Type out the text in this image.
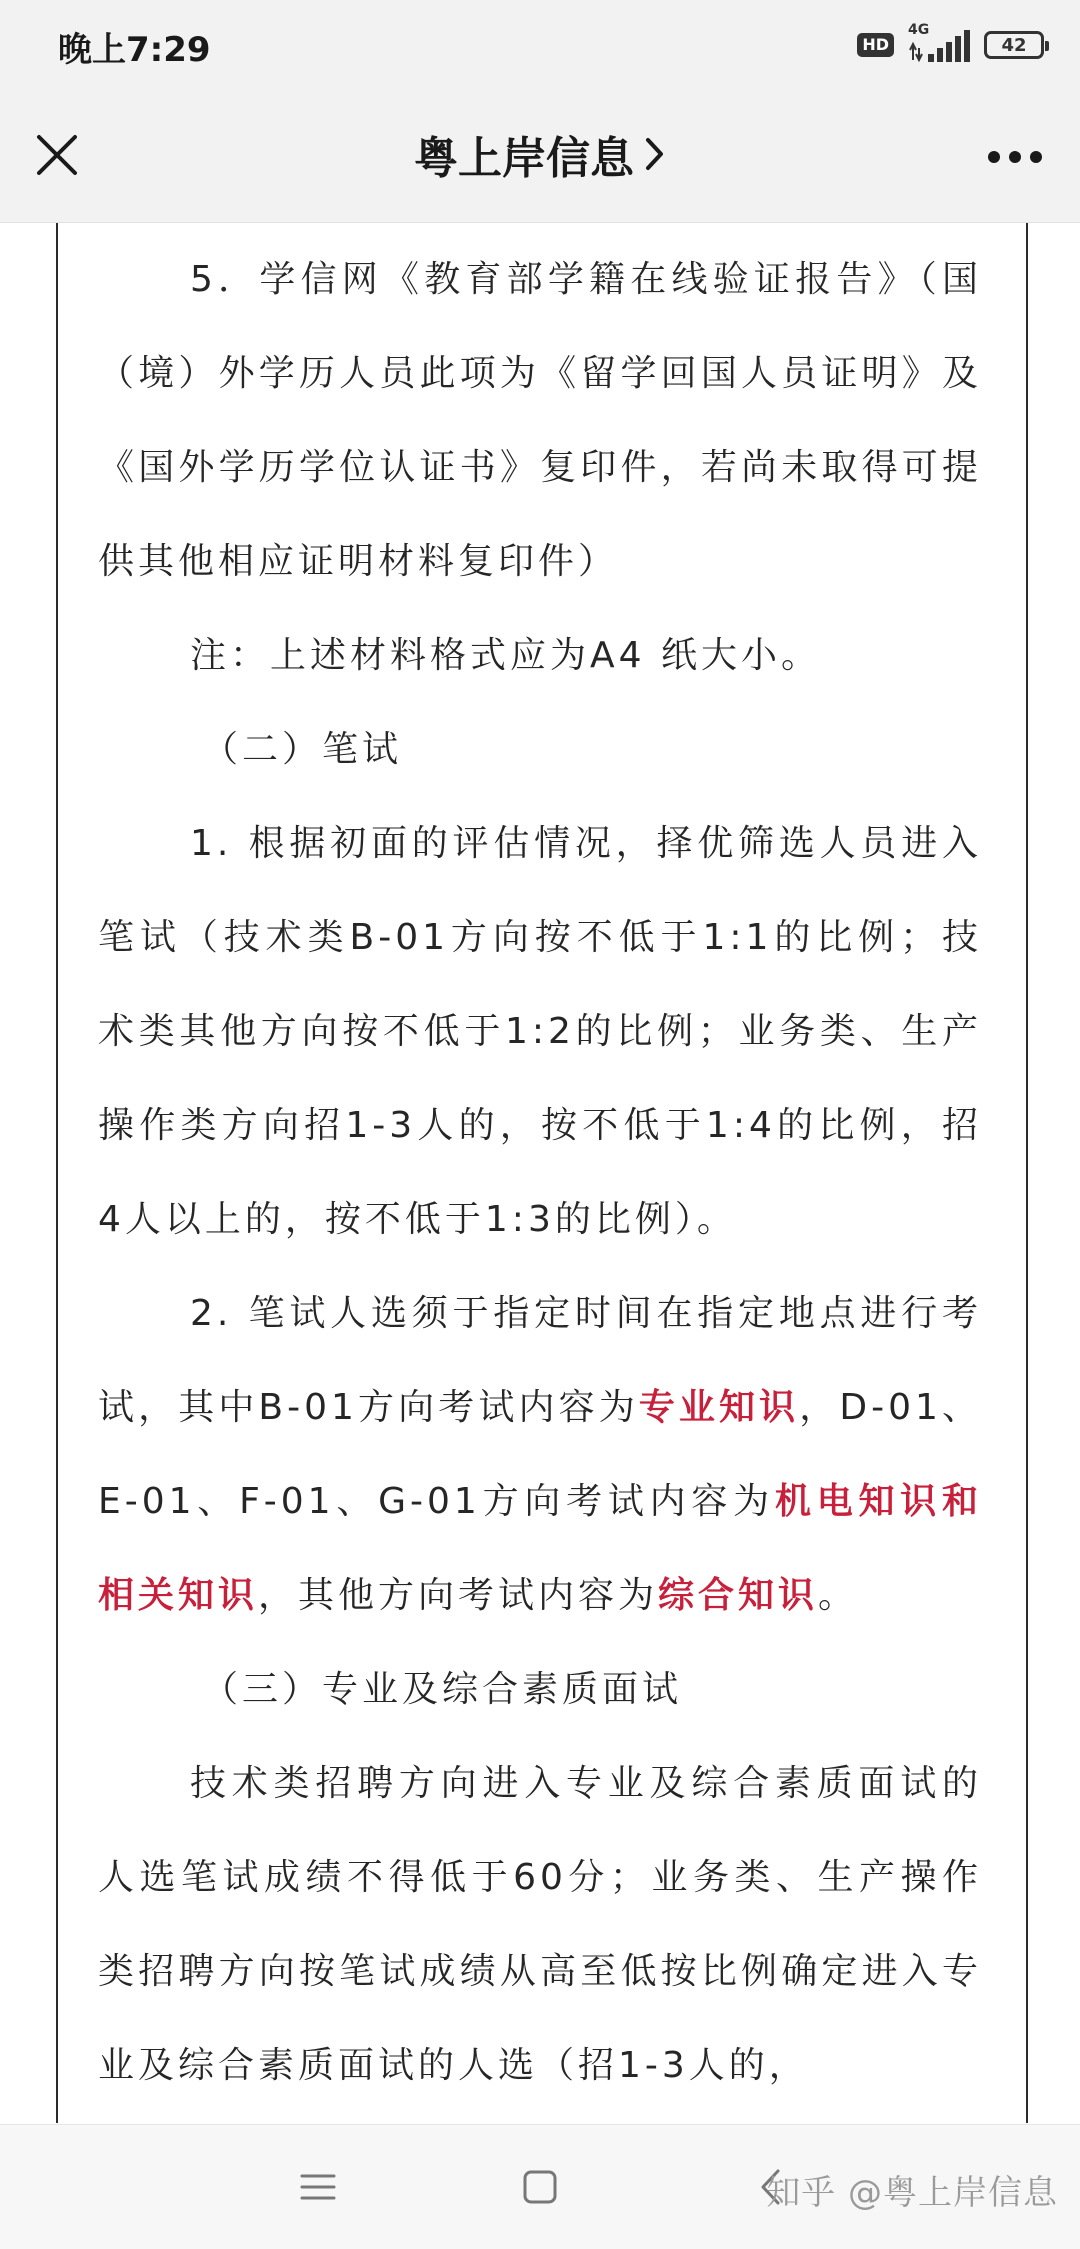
晚上7:29	HD
4G
42
粤上岸信息

5．学信网《教育部学籍在线验证报告》（国（境）外学历人员此项为《留学回国人员证明》及《国外学历学位认证书》复印件，若尚未取得可提供其他相应证明材料复印件）

注：上述材料格式应为A4 纸大小。

（二）笔试

1. 根据初面的评估情况，择优筛选人员进入笔试（技术类B-01方向按不低于1:1的比例；技术类其他方向按不低于1:2的比例；业务类、生产操作类方向招1-3人的，按不低于1:4的比例，招4人以上的，按不低于1:3的比例）。

2. 笔试人选须于指定时间在指定地点进行考试，其中B-01方向考试内容为专业知识，D-01、E-01、F-01、G-01方向考试内容为机电知识和相关知识，其他方向考试内容为综合知识。

（三）专业及综合素质面试

技术类招聘方向进入专业及综合素质面试的人选笔试成绩不得低于60分；业务类、生产操作类招聘方向按笔试成绩从高至低按比例确定进入专业及综合素质面试的人选（招1-3人的，

知乎 @粤上岸信息
